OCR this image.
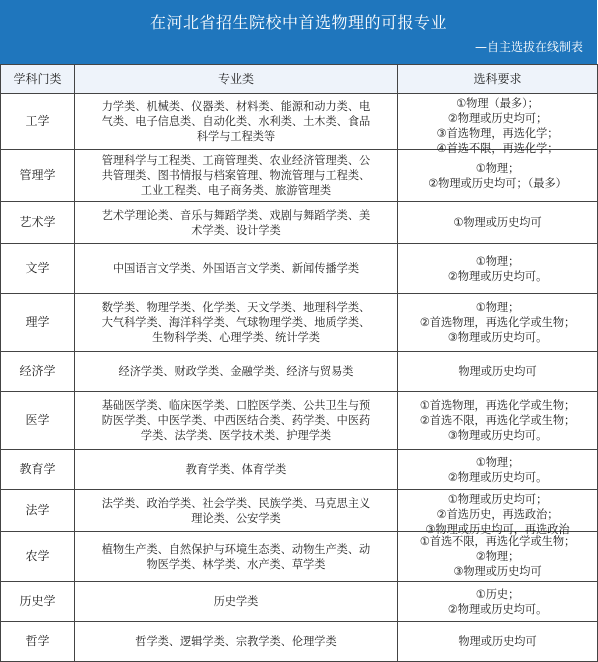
在河北省招生院校中首选物理的可报专业
—自主选拔在线制表
学科门类	专业类	选科要求
工学	力学类、机械类、仪器类、材料类、能源和动力类、电
气类、电子信息类、自动化类、水利类、土木类、食品
科学与工程类等	①物理（最多）；
②物理或历史均可；
③首选物理，再选化学；
④首选不限，再选化学；

管理学	管理科学与工程类、工商管理类、农业经济管理类、公
共管理类、图书情报与档案管理、物流管理与工程类、
工业工程类、电子商务类、旅游管理类	①物理；
②物理或历史均可；（最多）

艺术学	艺术学理论类、音乐与舞蹈学类、戏剧与舞蹈学类、美
术学类、设计学类	①物理或历史均可

文学	中国语言文学类、外国语言文学类、新闻传播学类	①物理；
②物理或历史均可。

理学	数学类、物理学类、化学类、天文学类、地理科学类、
大气科学类、海洋科学类、气球物理学类、地质学类、
生物科学类、心理学类、统计学类	①物理；
②首选物理，再选化学或生物；
③物理或历史均可。

经济学	经济学类、财政学类、金融学类、经济与贸易类	物理或历史均可

医学	基础医学类、临床医学类、口腔医学类、公共卫生与预
防医学类、中医学类、中西医结合类、药学类、中医药
学类、法学类、医学技术类、护理学类	①首选物理，再选化学或生物；
②首选不限，再选化学或生物；
③物理或历史均可。

教育学	教育学类、体育学类	①物理；
②物理或历史均可。

法学	法学类、政治学类、社会学类、民族学类、马克思主义
理论类、公安学类	①物理或历史均可；
②首选历史，再选政治；
③物理或历史均可，再选政治

农学	植物生产类、自然保护与环境生态类、动物生产类、动
物医学类、林学类、水产类、草学类	①首选不限，再选化学或生物；
②物理；
③物理或历史均可

历史学	历史学类	①历史；
②物理或历史均可。

哲学	哲学类、逻辑学类、宗教学类、伦理学类	物理或历史均可
